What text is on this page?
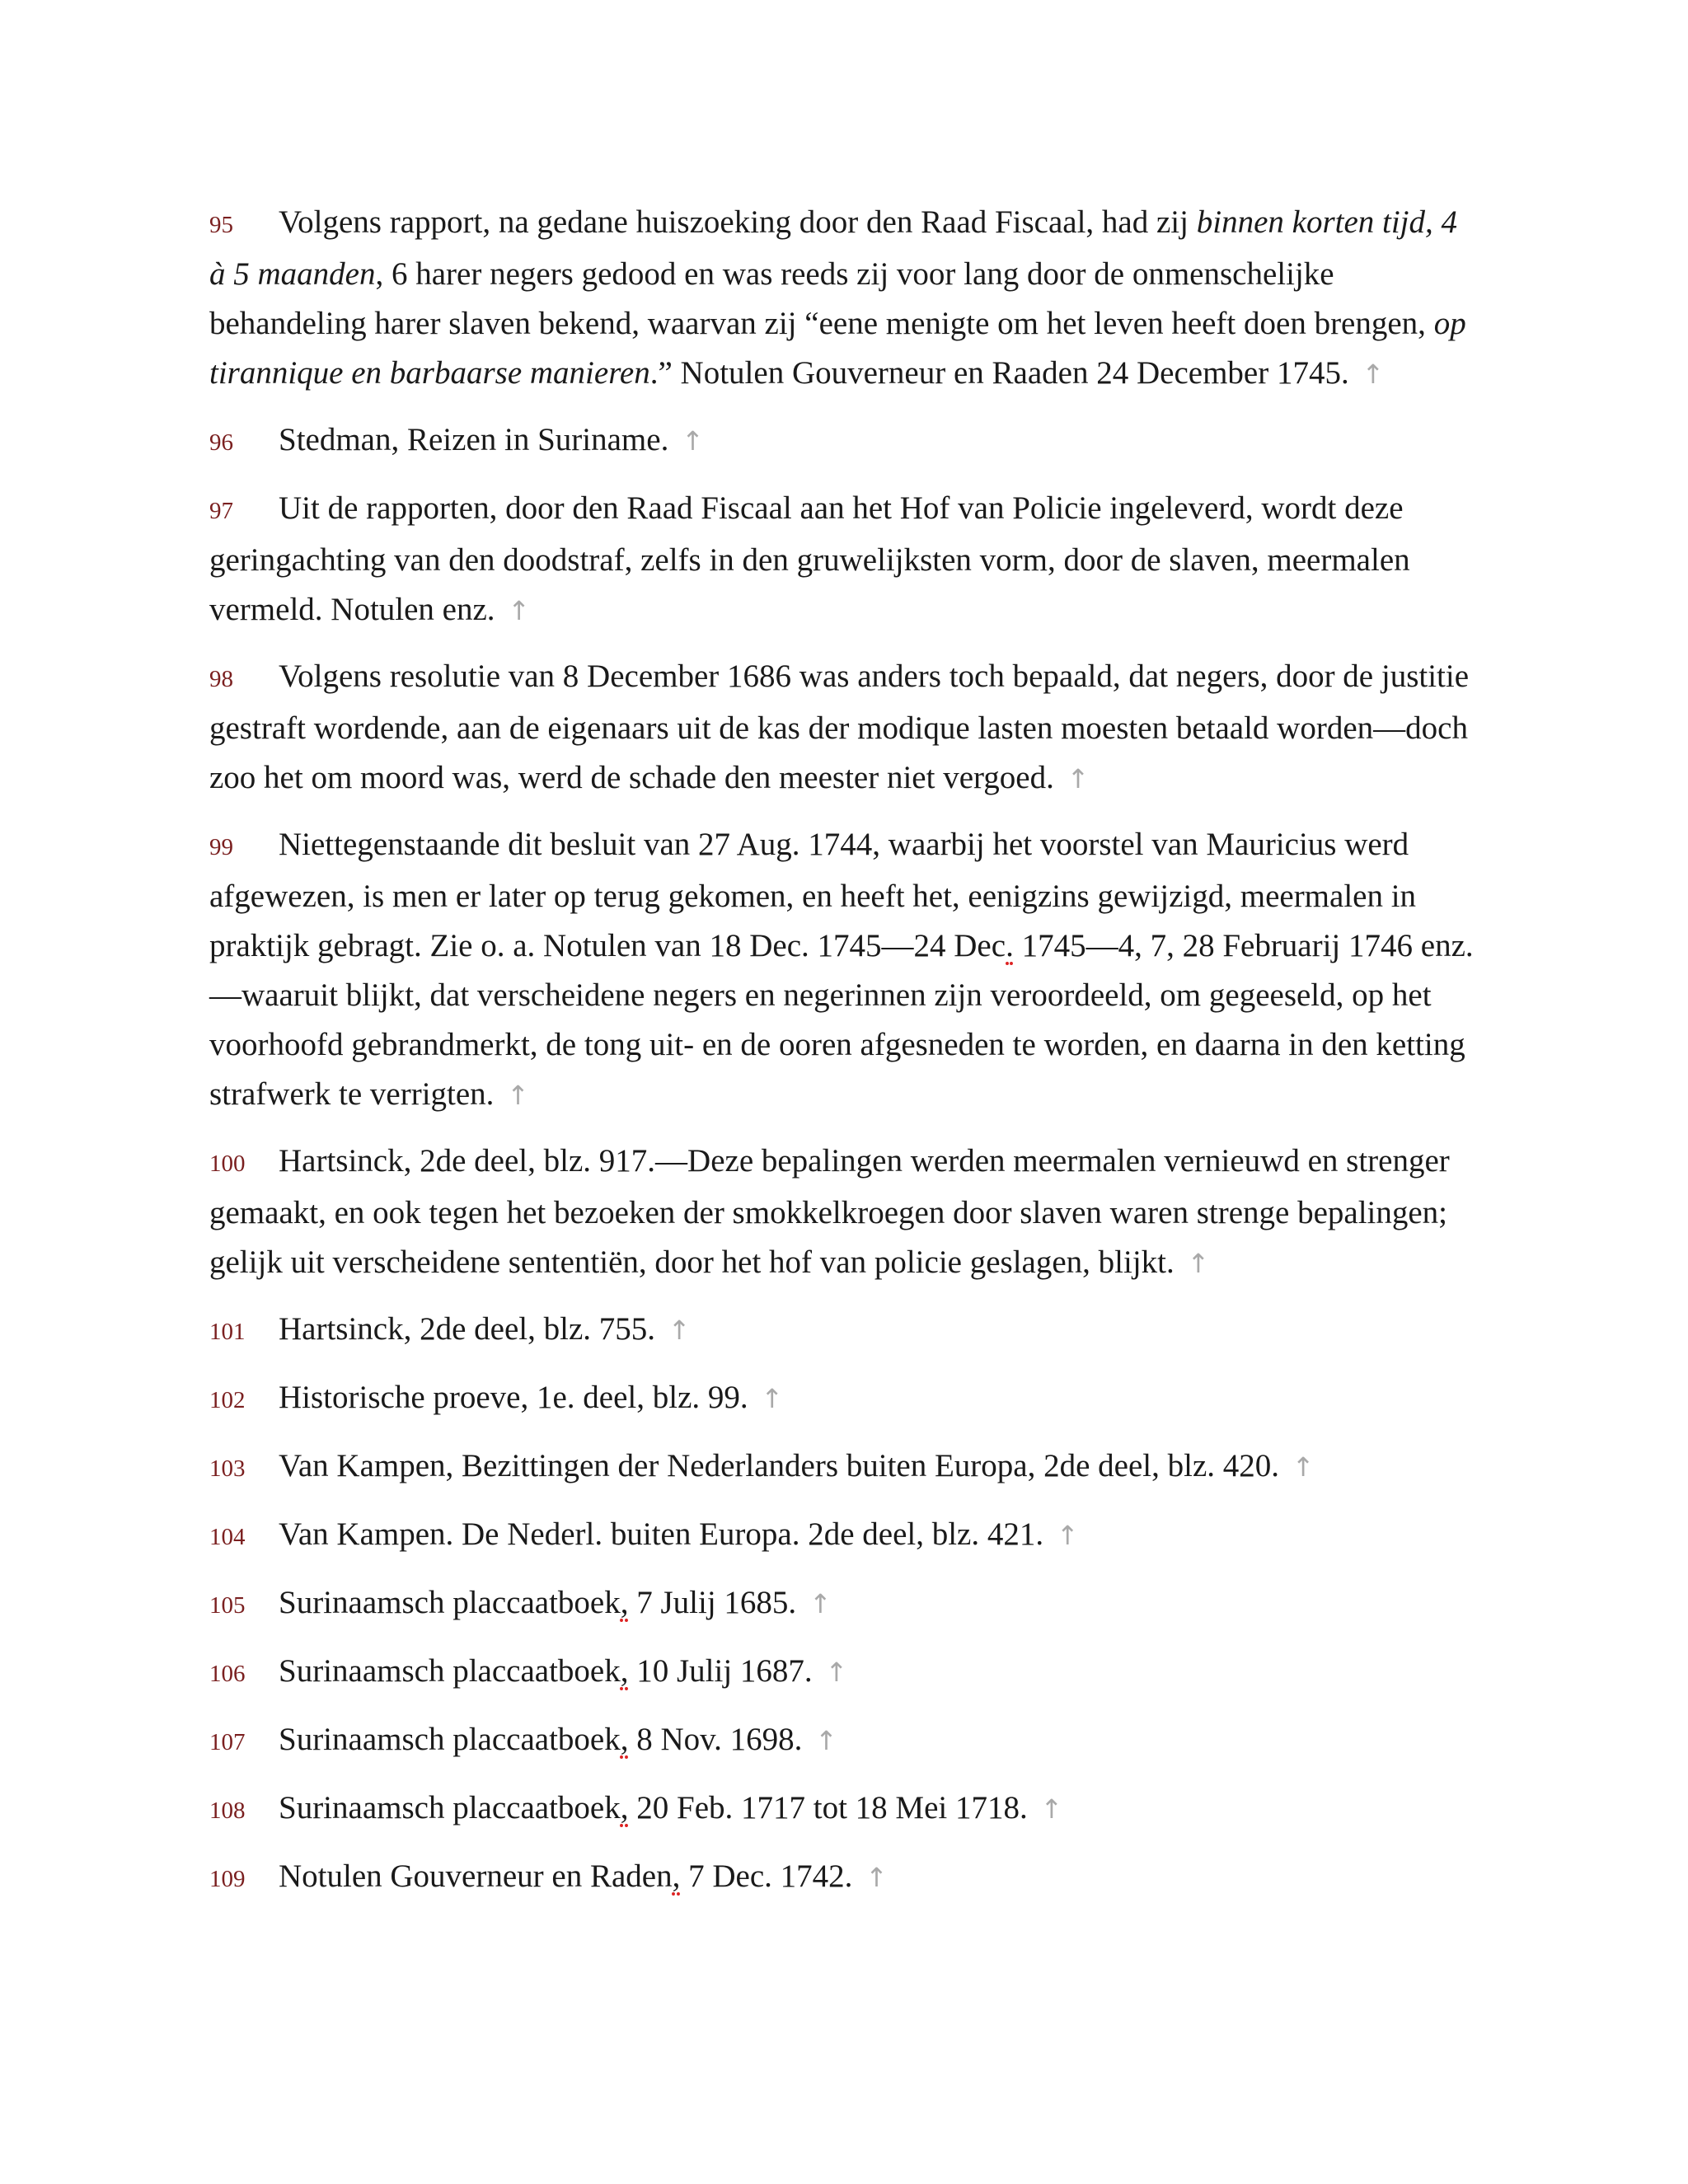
95 Volgens rapport, na gedane huiszoeking door den Raad Fiscaal, had zij binnen korten tijd, 4 à 5 maanden, 6 harer negers gedood en was reeds zij voor lang door de onmenschelijke behandeling harer slaven bekend, waarvan zij “eene menigte om het leven heeft doen brengen, op tirannique en barbaarse manieren.” Notulen Gouverneur en Raaden 24 December 1745. ↑

96 Stedman, Reizen in Suriname. ↑

97 Uit de rapporten, door den Raad Fiscaal aan het Hof van Policie ingeleverd, wordt deze geringachting van den doodstraf, zelfs in den gruwelijksten vorm, door de slaven, meermalen vermeld. Notulen enz. ↑

98 Volgens resolutie van 8 December 1686 was anders toch bepaald, dat negers, door de justitie gestraft wordende, aan de eigenaars uit de kas der modique lasten moesten betaald worden—doch zoo het om moord was, werd de schade den meester niet vergoed. ↑

99 Niettegenstaande dit besluit van 27 Aug. 1744, waarbij het voorstel van Mauricius werd afgewezen, is men er later op terug gekomen, en heeft het, eenigzins gewijzigd, meermalen in praktijk gebragt. Zie o. a. Notulen van 18 Dec. 1745—24 Dec. 1745—4, 7, 28 Februarij 1746 enz.—waaruit blijkt, dat verscheidene negers en negerinnen zijn veroordeeld, om gegeeseld, op het voorhoofd gebrandmerkt, de tong uit- en de ooren afgesneden te worden, en daarna in den ketting strafwerk te verrigten. ↑

100 Hartsinck, 2de deel, blz. 917.—Deze bepalingen werden meermalen vernieuwd en strenger gemaakt, en ook tegen het bezoeken der smokkelkroegen door slaven waren strenge bepalingen; gelijk uit verscheidene sententiën, door het hof van policie geslagen, blijkt. ↑

101 Hartsinck, 2de deel, blz. 755. ↑

102 Historische proeve, 1e. deel, blz. 99. ↑

103 Van Kampen, Bezittingen der Nederlanders buiten Europa, 2de deel, blz. 420. ↑

104 Van Kampen. De Nederl. buiten Europa. 2de deel, blz. 421. ↑

105 Surinaamsch placcaatboek, 7 Julij 1685. ↑

106 Surinaamsch placcaatboek, 10 Julij 1687. ↑

107 Surinaamsch placcaatboek, 8 Nov. 1698. ↑

108 Surinaamsch placcaatboek, 20 Feb. 1717 tot 18 Mei 1718. ↑

109 Notulen Gouverneur en Raden, 7 Dec. 1742. ↑
